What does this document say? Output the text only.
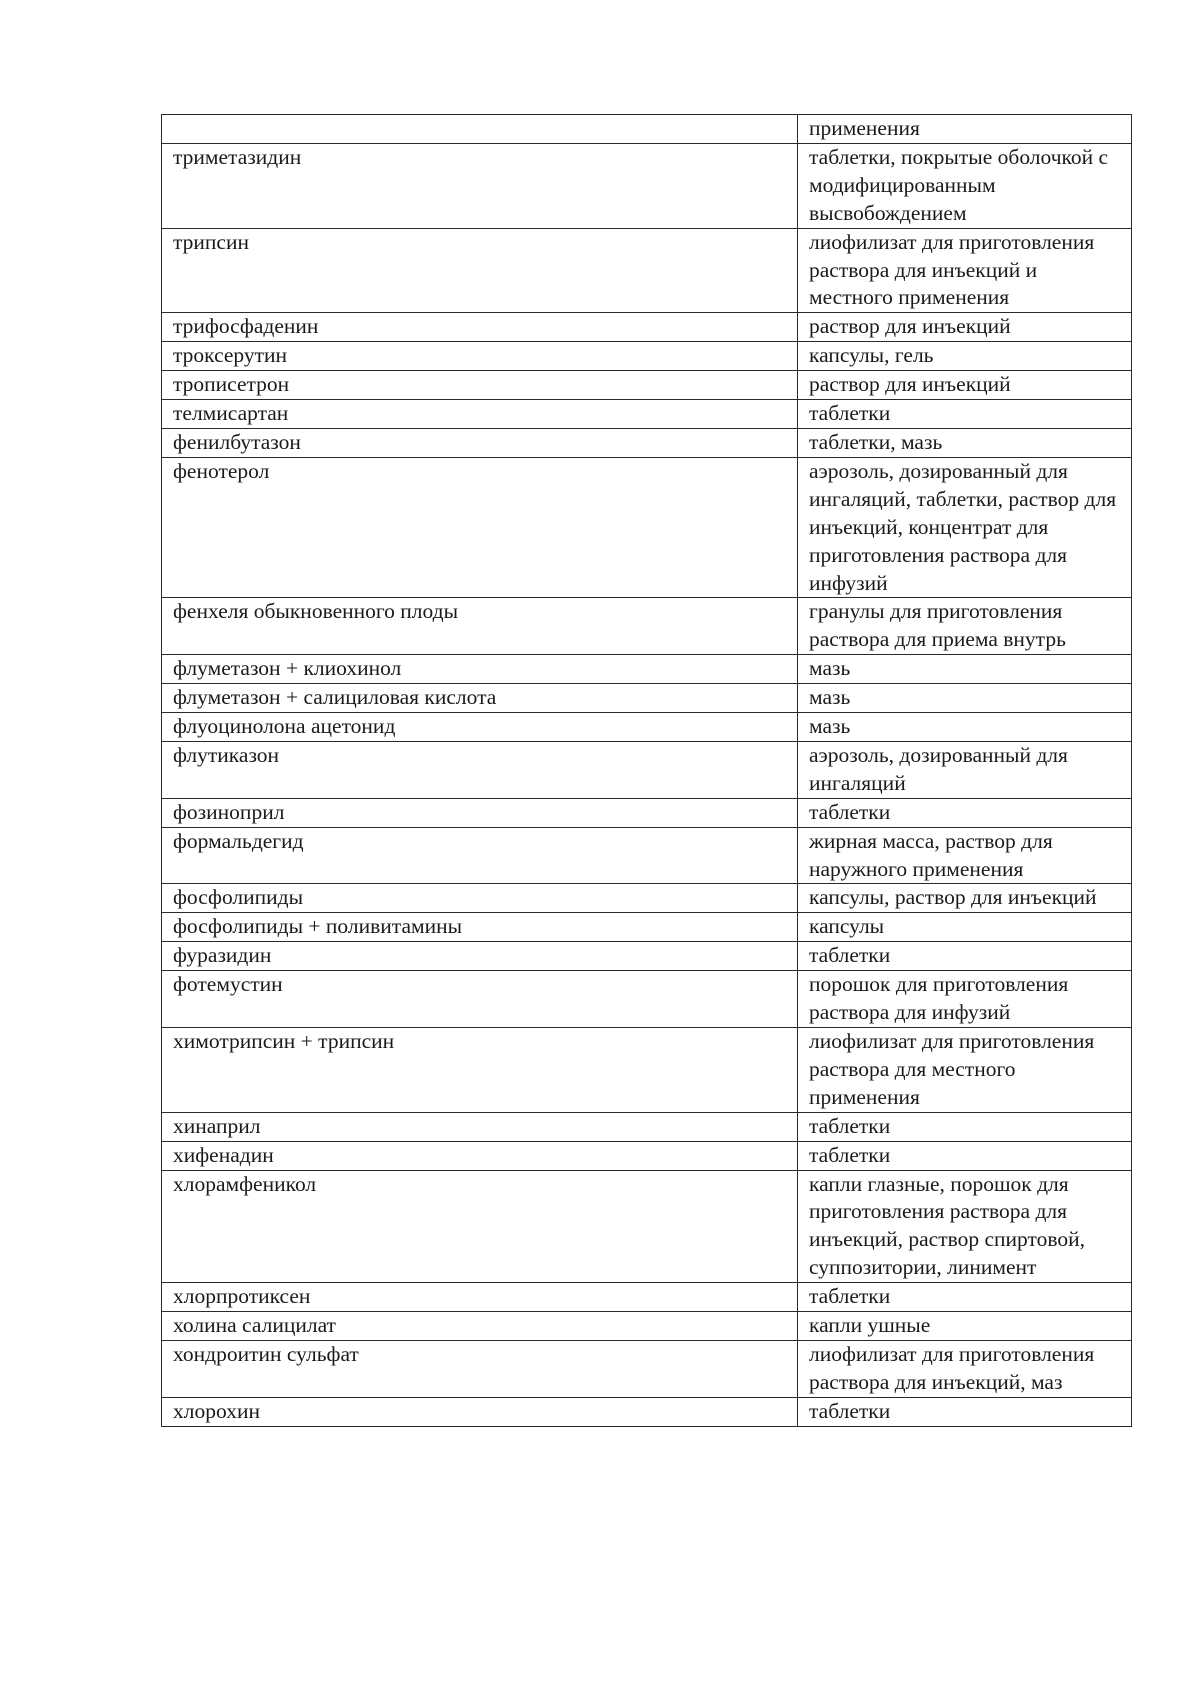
	применения
триметазидин	таблетки, покрытые оболочкой с модифицированным высвобождением
трипсин	лиофилизат для приготовления раствора для инъекций и местного применения
трифосфаденин	раствор для инъекций
троксерутин	капсулы, гель
трописетрон	раствор для инъекций
телмисартан	таблетки
фенилбутазон	таблетки, мазь
фенотерол	аэрозоль, дозированный для ингаляций, таблетки, раствор для инъекций, концентрат для приготовления раствора для инфузий
фенхеля обыкновенного плоды	гранулы для приготовления раствора для приема внутрь
флуметазон + клиохинол	мазь
флуметазон + салициловая кислота	мазь
флуоцинолона ацетонид	мазь
флутиказон	аэрозоль, дозированный для ингаляций
фозиноприл	таблетки
формальдегид	жирная масса, раствор для наружного применения
фосфолипиды	капсулы, раствор для инъекций
фосфолипиды + поливитамины	капсулы
фуразидин	таблетки
фотемустин	порошок для приготовления раствора для инфузий
химотрипсин + трипсин	лиофилизат для приготовления раствора для местного применения
хинаприл	таблетки
хифенадин	таблетки
хлорамфеникол	капли глазные, порошок для приготовления раствора для инъекций, раствор спиртовой, суппозитории, линимент
хлорпротиксен	таблетки
холина салицилат	капли ушные
хондроитин сульфат	лиофилизат для приготовления раствора для инъекций, маз
хлорохин	таблетки
